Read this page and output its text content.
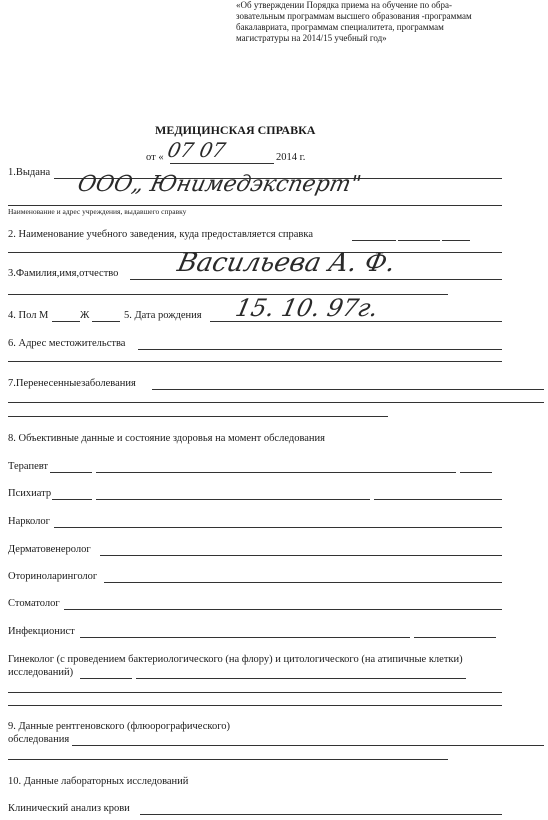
«Об утверждении Порядка приема на обучение по обра-
зовательным программам высшего образования -программам
бакалавриата, программам специалитета, программам
магистратуры на 2014/15 учебный год»
МЕДИЦИНСКАЯ СПРАВКА
от « 07 07	2014 г.
1.Выдана ООО„ Юнимедэксперт"
Наименование и адрес учреждения, выдавшего справку
2. Наименование учебного заведения, куда предоставляется справка
3.Фамилия,имя,отчество Васильева А. Ф.
4. Пол М	Ж	5. Дата рождения 15. 10. 97г.
6. Адрес местожительства
7.Перенесенныезаболевания
8. Объективные данные и состояние здоровья на момент обследования
Терапевт
Психиатр
Нарколог
Дерматовенеролог
Оториноларинголог
Стоматолог
Инфекционист
Гинеколог (с проведением бактериологического (на флору) и цитологического (на атипичные клетки)
исследований)
9. Данные рентгеновского (флюорографического)
обследования
10. Данные лабораторных исследований
Клинический анализ крови
